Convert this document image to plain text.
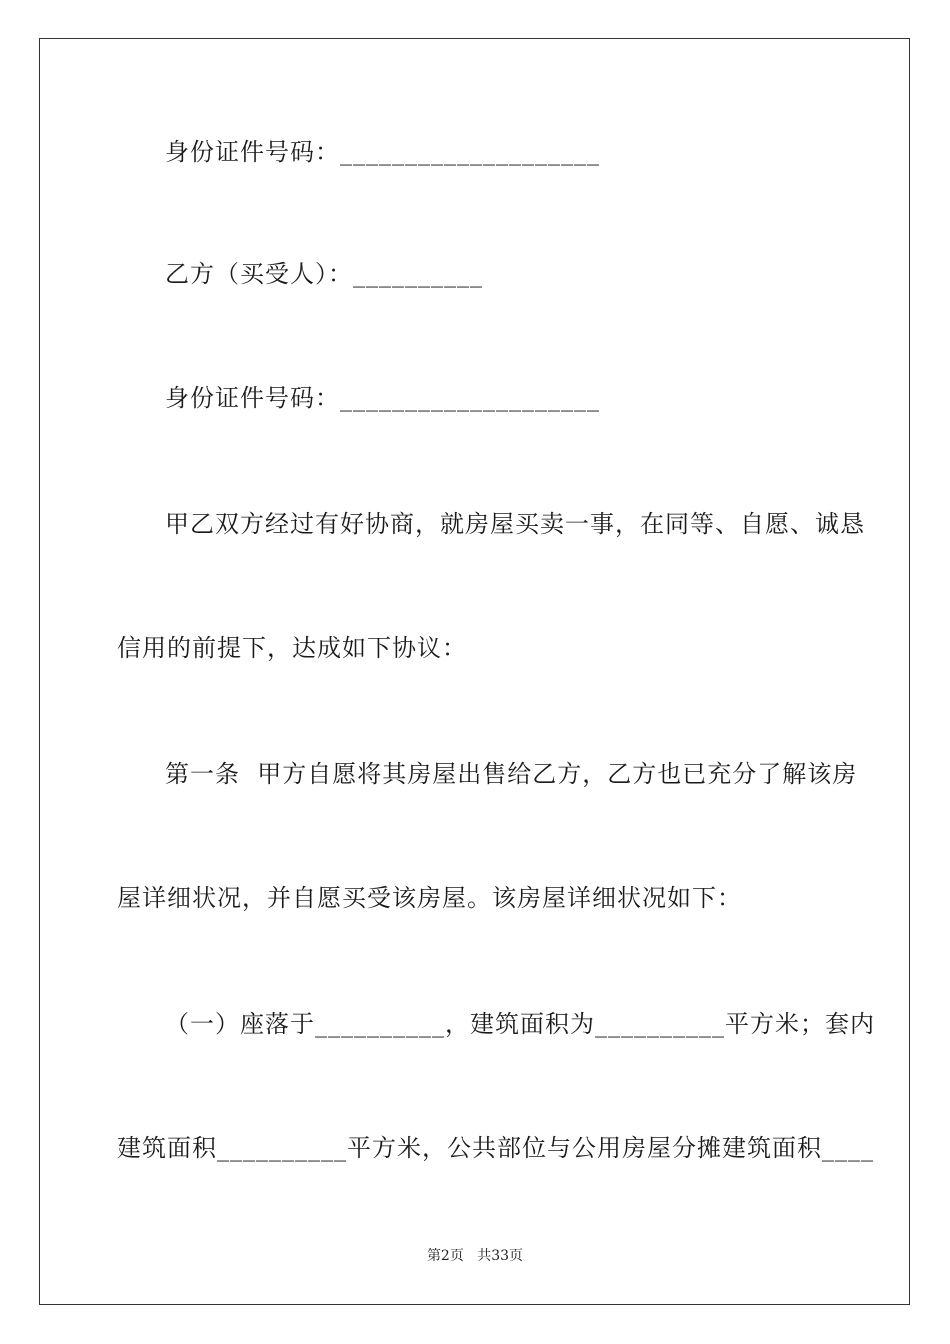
身份证件号码：____________________
乙方（买受人）：__________
身份证件号码：____________________
甲乙双方经过有好协商，就房屋买卖一事，在同等、自愿、诚恳
信用的前提下，达成如下协议：
第一条  甲方自愿将其房屋出售给乙方，乙方也已充分了解该房
屋详细状况，并自愿买受该房屋。该房屋详细状况如下：
（一）座落于__________，建筑面积为__________平方米；套内
建筑面积__________平方米，公共部位与公用房屋分摊建筑面积____
第2页 共33页
